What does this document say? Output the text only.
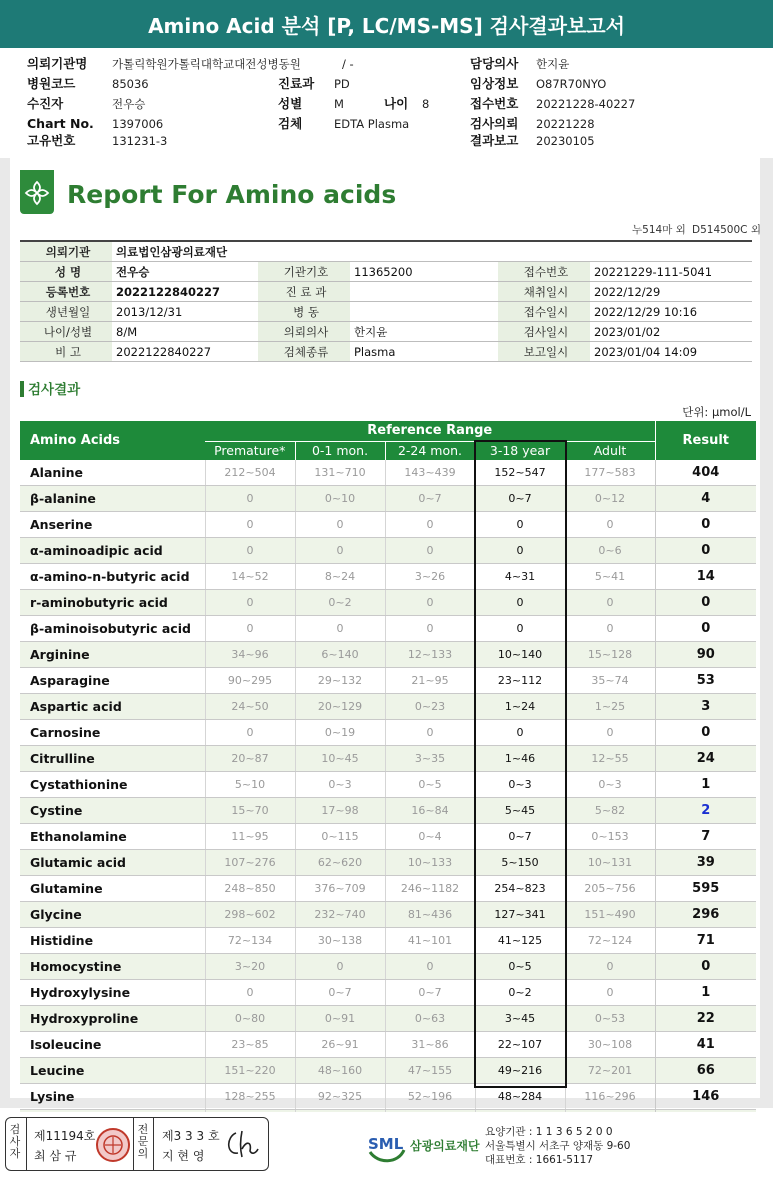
Amino Acid 분석 [P, LC/MS-MS] 검사결과보고서
의뢰기관명 가톨릭학원가톨릭대학교대전성병동원	/ -
병원코드	85036	진료과 PD
수진자	전우승	성별	M	나이 8
Chart No. 1397006	검체	EDTA Plasma
고유번호	131231-3
담당의사 한지윤
임상정보 O87R70NYO
접수번호 20221228-40227
검사의뢰 20221228
결과보고 20230105
Report For Amino acids
누514마 외 D514500C 외
의뢰기관	의료법인삼광의료재단				
성 명	전우승	기관기호	11365200	접수번호	20221229-111-5041
등록번호	2022122840227	진 료 과		채취일시	2022/12/29
생년월일	2013/12/31	병 동		접수일시	2022/12/29 10:16
나이/성별	8/M	의뢰의사	한지윤	검사일시	2023/01/02
비 고	2022122840227	검체종류	Plasma	보고일시	2023/01/04 14:09
검사결과
단위: μmol/L
Amino Acids	Reference Range					Result
	Premature*	0-1 mon.	2-24 mon.	3-18 year	Adult	
Alanine	212~504	131~710	143~439	152~547	177~583	404
β-alanine	0	0~10	0~7	0~7	0~12	4
Anserine	0	0	0	0	0	0
α-aminoadipic acid	0	0	0	0	0~6	0
α-amino-n-butyric acid	14~52	8~24	3~26	4~31	5~41	14
r-aminobutyric acid	0	0~2	0	0	0	0
β-aminoisobutyric acid	0	0	0	0	0	0
Arginine	34~96	6~140	12~133	10~140	15~128	90
Asparagine	90~295	29~132	21~95	23~112	35~74	53
Aspartic acid	24~50	20~129	0~23	1~24	1~25	3
Carnosine	0	0~19	0	0	0	0
Citrulline	20~87	10~45	3~35	1~46	12~55	24
Cystathionine	5~10	0~3	0~5	0~3	0~3	1
Cystine	15~70	17~98	16~84	5~45	5~82	2
Ethanolamine	11~95	0~115	0~4	0~7	0~153	7
Glutamic acid	107~276	62~620	10~133	5~150	10~131	39
Glutamine	248~850	376~709	246~1182	254~823	205~756	595
Glycine	298~602	232~740	81~436	127~341	151~490	296
Histidine	72~134	30~138	41~101	41~125	72~124	71
Homocystine	3~20	0	0	0~5	0	0
Hydroxylysine	0	0~7	0~7	0~2	0	1
Hydroxyproline	0~80	0~91	0~63	3~45	0~53	22
Isoleucine	23~85	26~91	31~86	22~107	30~108	41
Leucine	151~220	48~160	47~155	49~216	72~201	66
Lysine	128~255	92~325	52~196	48~284	116~296	146

검사자
제11194호
최 삼 규
전문의
제3 3 3 호
지 현 영
SML 삼광의료재단
요양기관 : 1 1 3 6 5 2 0 0
서울특별시 서초구 양재동 9-60
대표번호 : 1661-5117
